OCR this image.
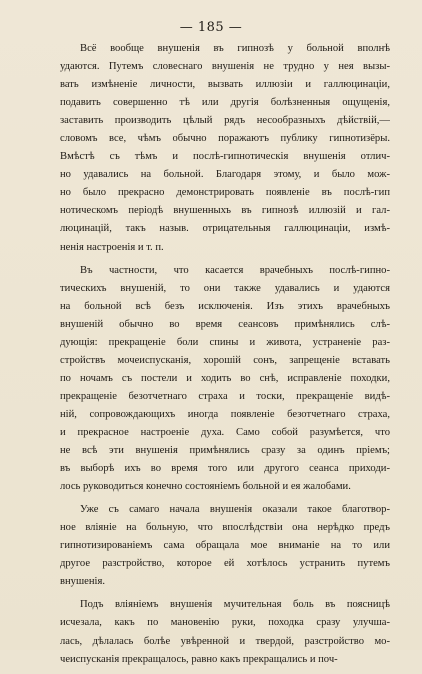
— 185 —
Всё вообще внушенія въ гипнозѣ у больной вполнѣ
удаются. Путемъ словеснаго внушенія не трудно у нея вызы-
вать измѣненіе личности, вызвать иллюзіи и галлюцинаціи,
подавить совершенно тѣ или другія болѣзненныя ощущенія,
заставить производить цѣлый рядъ несообразныхъ дѣйствій,—
словомъ все, чѣмъ обычно поражаютъ публику гипнотизёры.
Вмѣстѣ съ тѣмъ и послѣ-гипнотическія внушенія отлич-
но удавались на больной. Благодаря этому, и было мож-
но было прекрасно демонстрировать появленіе въ послѣ-гип
нотическомъ періодѣ внушенныхъ въ гипнозѣ иллюзій и гал-
люцинацій, такъ назыв. отрицательныя галлюцинаціи, измѣ-
ненія настроенія и т. п.
Въ частности, что касается врачебныхъ послѣ-гипно-
тическихъ внушеній, то они также удавались и удаются
на больной всѣ безъ исключенія. Изъ этихъ врачебныхъ
внушеній обычно во время сеансовъ примѣнялись слѣ-
дующія: прекращеніе боли спины и живота, устраненіе раз-
стройствъ мочеиспусканія, хорошій сонъ, запрещеніе вставать
по ночамъ съ постели и ходить во снѣ, исправленіе походки,
прекращеніе безотчетнаго страха и тоски, прекращеніе видѣ-
ній, сопровождающихъ иногда появленіе безотчетнаго страха,
и прекрасное настроеніе духа. Само собой разумѣется, что
не всѣ эти внушенія примѣнялись сразу за одинъ пріемъ;
въ выборѣ ихъ во время того или другого сеанса приходи-
лось руководиться конечно состояніемъ больной и ея жалобами.
Уже съ самаго начала внушенія оказали такое благотвор-
ное вліяніе на больную, что впослѣдствіи она нерѣдко предъ
гипнотизированіемъ сама обращала мое вниманіе на то или
другое разстройство, которое ей хотѣлось устранить путемъ
внушенія.
Подъ вліяніемъ внушенія мучительная боль въ поясницѣ
исчезала, какъ по мановенію руки, походка сразу улучша-
лась, дѣлалась болѣе увѣренной и твердой, разстройство мо-
чеиспусканія прекращалось, равно какъ прекращались и поч-
